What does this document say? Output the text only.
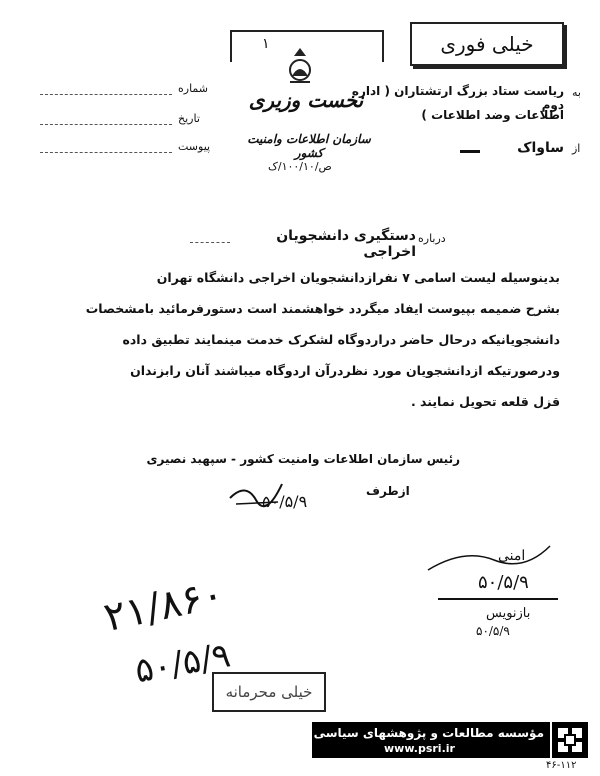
خیلی فوری
۱
نخست وزیری
سازمان اطلاعات وامنیت کشور
ص/۱۰۰/۱۰/ک
شماره
تاریخ
پیوست
به
ریاست ستاد بزرگ ارتشتاران ( اداره دوم
اطلاعات وضد اطلاعات )
از
ساواک
درباره
دستگیری دانشجویان اخراجی
بدینوسیله لیست اسامی ۷ نفرازدانشجویان اخراجی دانشگاه تهران
بشرح ضمیمه بپیوست ایفاد میگردد خواهشمند است دستورفرمائید بامشخصات
دانشجویانیکه درحال حاضر دراردوگاه لشکرک خدمت مینمایند تطبیق داده
ودرصورتیکه ازدانشجویان مورد نظردرآن اردوگاه میباشند آنان رابزندان
قزل قلعه تحویل نمایند .
رئیس سازمان اطلاعات وامنیت کشور - سپهبد نصیری
ازطرف
۵۰/۵/۹
امنی
۵۰/۵/۹
بازنویس
۵۰/۵/۹
۲۱/۸۶۰
۵۰/۵/۹
خیلی محرمانه
مؤسسه مطالعات و پژوهشهای سیاسی
www.psri.ir
۴۶-۱۱۲
